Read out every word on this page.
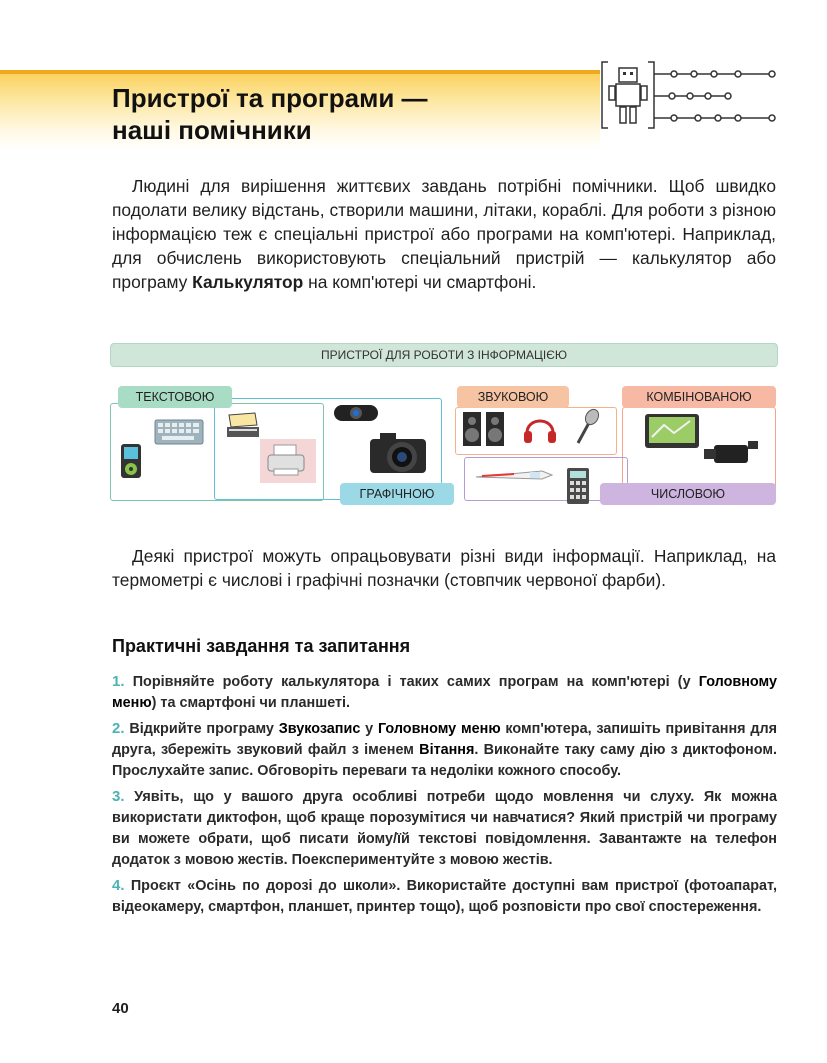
Пристрої та програми —
наші помічники

Людині для вирішення життєвих завдань потрібні помічники. Щоб швидко подолати велику відстань, створили машини, літаки, кораблі. Для роботи з різною інформацією теж є спеціальні пристрої або програми на комп'ютері. Наприклад, для обчислень використовують спеціальний пристрій — калькулятор або програму Калькулятор на комп'ютері чи смартфоні.

ПРИСТРОЇ ДЛЯ РОБОТИ З ІНФОРМАЦІЄЮ
ТЕКСТОВОЮ
ГРАФІЧНОЮ
ЗВУКОВОЮ	КОМБІНОВАНОЮ
ЧИСЛОВОЮ

Деякі пристрої можуть опрацьовувати різні види інформації. Наприклад, на термометрі є числові і графічні позначки (стовпчик червоної фарби).

Практичні завдання та запитання

1. Порівняйте роботу калькулятора і таких самих програм на комп'ютері (у Головному меню) та смартфоні чи планшеті.

2. Відкрийте програму Звукозапис у Головному меню комп'ютера, запишіть привітання для друга, збережіть звуковий файл з іменем Вітання. Виконайте таку саму дію з диктофоном. Прослухайте запис. Обговоріть переваги та недоліки кожного способу.

3. Уявіть, що у вашого друга особливі потреби щодо мовлення чи слуху. Як можна використати диктофон, щоб краще порозумітися чи навчатися? Який пристрій чи програму ви можете обрати, щоб писати йому/їй текстові повідомлення. Завантажте на телефон додаток з мовою жестів. Поекспериментуйте з мовою жестів.

4. Проєкт «Осінь по дорозі до школи». Використайте доступні вам пристрої (фотоапарат, відеокамеру, смартфон, планшет, принтер тощо), щоб розповісти про свої спостереження.

40
